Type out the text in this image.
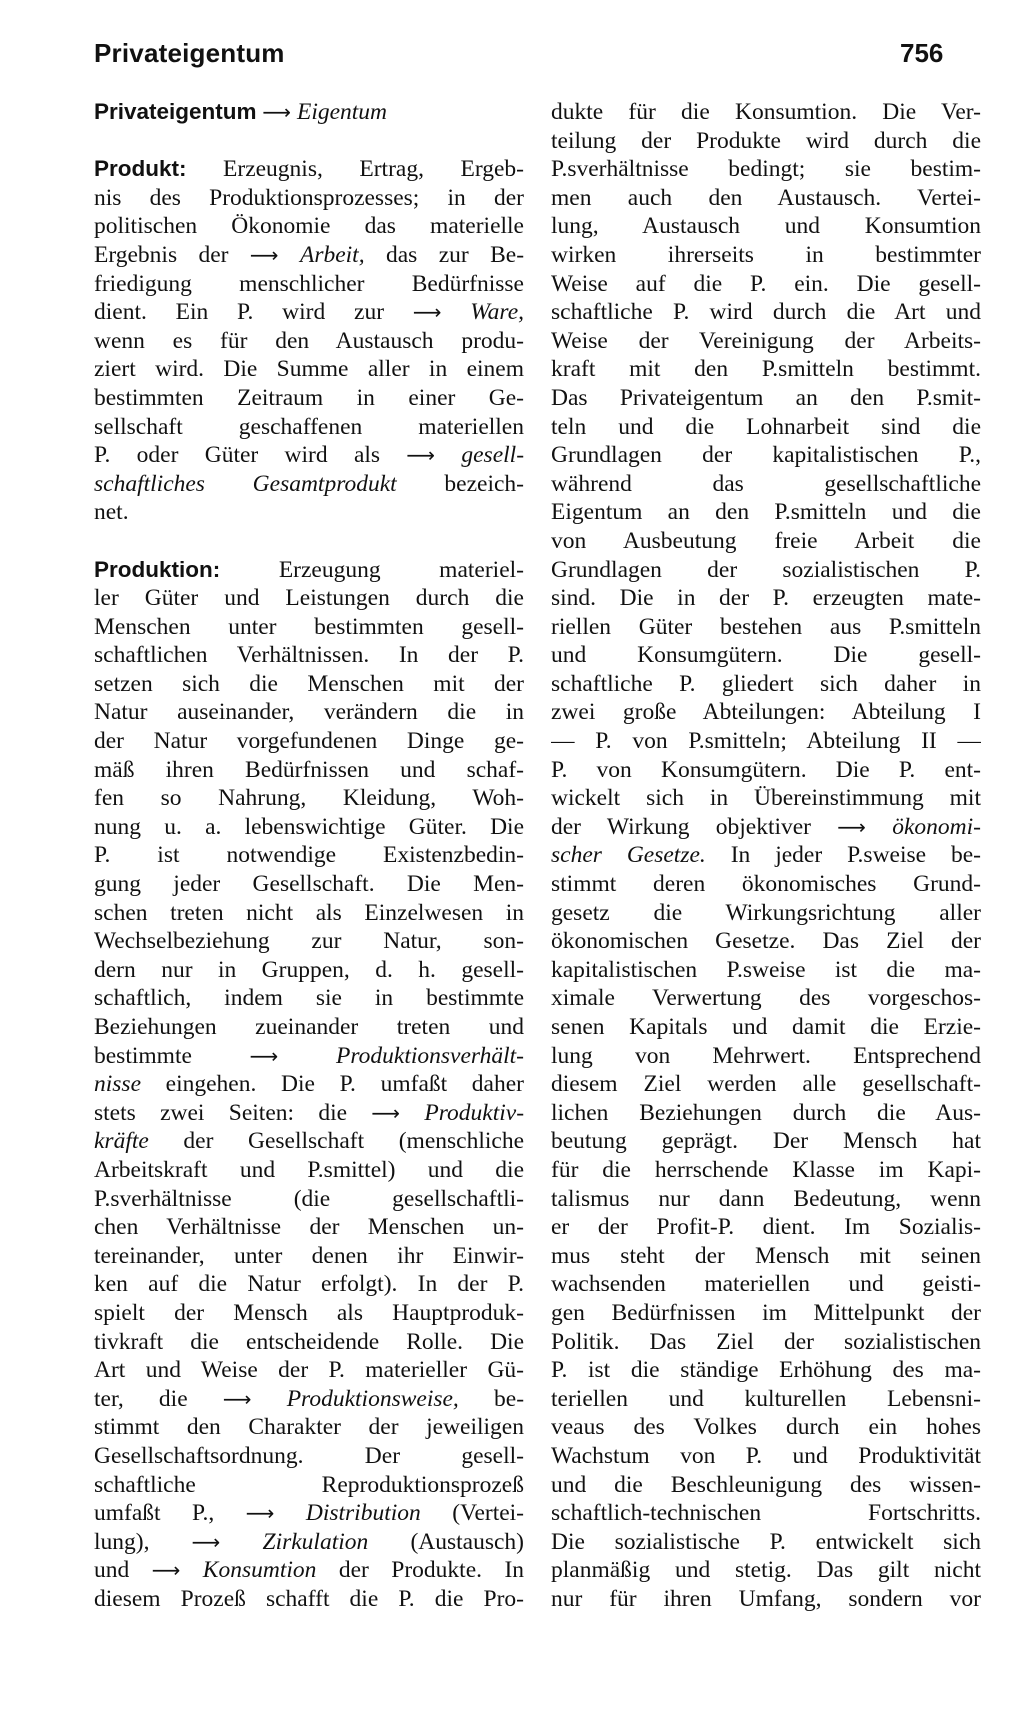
Privateigentum	756
Privateigentum ⟶ Eigentum
Produkt: Erzeugnis, Ertrag, Ergeb-
nis des Produktionsprozesses; in der
politischen Ökonomie das materielle
Ergebnis der ⟶ Arbeit, das zur Be-
friedigung menschlicher Bedürfnisse
dient. Ein P. wird zur ⟶ Ware,
wenn es für den Austausch produ-
ziert wird. Die Summe aller in einem
bestimmten Zeitraum in einer Ge-
sellschaft geschaffenen materiellen
P. oder Güter wird als ⟶ gesell-
schaftliches Gesamtprodukt bezeich-
net.
Produktion: Erzeugung materiel-
ler Güter und Leistungen durch die
Menschen unter bestimmten gesell-
schaftlichen Verhältnissen. In der P.
setzen sich die Menschen mit der
Natur auseinander, verändern die in
der Natur vorgefundenen Dinge ge-
mäß ihren Bedürfnissen und schaf-
fen so Nahrung, Kleidung, Woh-
nung u. a. lebenswichtige Güter. Die
P. ist notwendige Existenzbedin-
gung jeder Gesellschaft. Die Men-
schen treten nicht als Einzelwesen in
Wechselbeziehung zur Natur, son-
dern nur in Gruppen, d. h. gesell-
schaftlich, indem sie in bestimmte
Beziehungen zueinander treten und
bestimmte	⟶ Produktionsverhält-
nisse eingehen. Die P. umfaßt daher
stets zwei Seiten: die ⟶ Produktiv-
kräfte der Gesellschaft (menschliche
Arbeitskraft und P.smittel) und die
P.sverhältnisse (die gesellschaftli-
chen Verhältnisse der Menschen un-
tereinander, unter denen ihr Einwir-
ken auf die Natur erfolgt). In der P.
spielt der Mensch als Hauptproduk-
tivkraft die entscheidende Rolle. Die
Art und Weise der P. materieller Gü-
ter, die ⟶ Produktionsweise, be-
stimmt den Charakter der jeweiligen
Gesellschaftsordnung. Der gesell-
schaftliche Reproduktionsprozeß
umfaßt P., ⟶ Distribution (Vertei-
lung), ⟶ Zirkulation (Austausch)
und ⟶ Konsumtion der Produkte. In
diesem Prozeß schafft die P. die Pro-
dukte für die Konsumtion. Die Ver-
teilung der Produkte wird durch die
P.sverhältnisse bedingt; sie bestim-
men auch den Austausch. Vertei-
lung, Austausch und Konsumtion
wirken ihrerseits in bestimmter
Weise auf die P. ein. Die gesell-
schaftliche P. wird durch die Art und
Weise der Vereinigung der Arbeits-
kraft mit den P.smitteln bestimmt.
Das Privateigentum an den P.smit-
teln und die Lohnarbeit sind die
Grundlagen der kapitalistischen P.,
während das gesellschaftliche
Eigentum an den P.smitteln und die
von Ausbeutung freie Arbeit die
Grundlagen der sozialistischen P.
sind. Die in der P. erzeugten mate-
riellen Güter bestehen aus P.smitteln
und Konsumgütern. Die gesell-
schaftliche P. gliedert sich daher in
zwei große Abteilungen: Abteilung I
— P. von P.smitteln; Abteilung II —
P. von Konsumgütern. Die P. ent-
wickelt sich in Übereinstimmung mit
der Wirkung objektiver ⟶ ökonomi-
scher Gesetze. In jeder P.sweise be-
stimmt deren ökonomisches Grund-
gesetz die Wirkungsrichtung aller
ökonomischen Gesetze. Das Ziel der
kapitalistischen P.sweise ist die ma-
ximale Verwertung des vorgeschos-
senen Kapitals und damit die Erzie-
lung von Mehrwert. Entsprechend
diesem Ziel werden alle gesellschaft-
lichen Beziehungen durch die Aus-
beutung geprägt. Der Mensch hat
für die herrschende Klasse im Kapi-
talismus nur dann Bedeutung, wenn
er der Profit-P. dient. Im Sozialis-
mus steht der Mensch mit seinen
wachsenden materiellen und geisti-
gen Bedürfnissen im Mittelpunkt der
Politik. Das Ziel der sozialistischen
P. ist die ständige Erhöhung des ma-
teriellen und kulturellen Lebensni-
veaus des Volkes durch ein hohes
Wachstum von P. und Produktivität
und die Beschleunigung des wissen-
schaftlich-technischen Fortschritts.
Die sozialistische P. entwickelt sich
planmäßig und stetig. Das gilt nicht
nur für ihren Umfang, sondern vor
